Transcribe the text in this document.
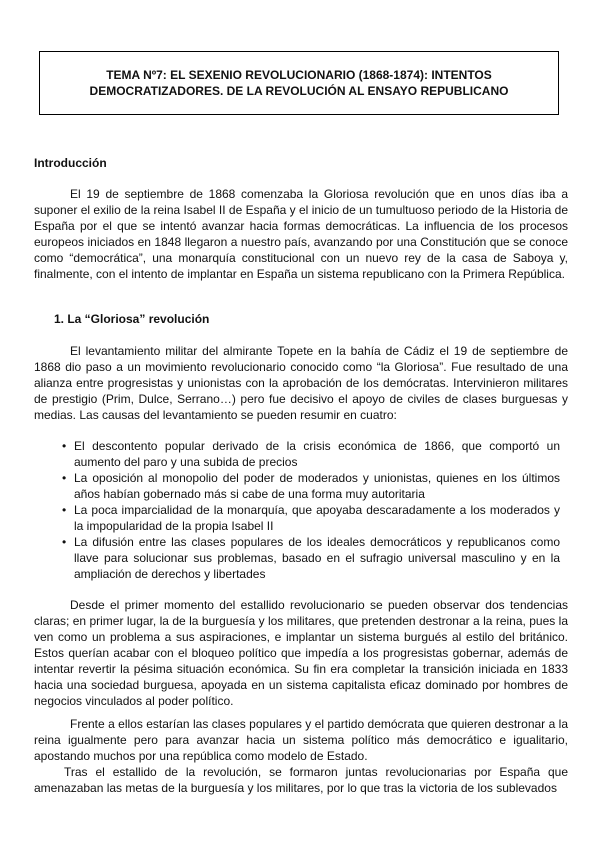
TEMA Nº7: EL SEXENIO REVOLUCIONARIO (1868-1874): INTENTOS DEMOCRATIZADORES. DE LA REVOLUCIÓN AL ENSAYO REPUBLICANO
Introducción
El 19 de septiembre de 1868 comenzaba la Gloriosa revolución que en unos días iba a suponer el exilio de la reina Isabel II de España y el inicio de un tumultuoso periodo de la Historia de España por el que se intentó avanzar hacia formas democráticas. La influencia de los procesos europeos iniciados en 1848 llegaron a nuestro país, avanzando por una Constitución que se conoce como “democrática”, una monarquía constitucional con un nuevo rey de la casa de Saboya y, finalmente, con el intento de implantar en España un sistema republicano con la Primera República.
1. La “Gloriosa” revolución
El levantamiento militar del almirante Topete en la bahía de Cádiz el 19 de septiembre de 1868 dio paso a un movimiento revolucionario conocido como “la Gloriosa”. Fue resultado de una alianza entre progresistas y unionistas con la aprobación de los demócratas. Intervinieron militares de prestigio (Prim, Dulce, Serrano…) pero fue decisivo el apoyo de civiles de clases burguesas y medias. Las causas del levantamiento se pueden resumir en cuatro:
• El descontento popular derivado de la crisis económica de 1866, que comportó un aumento del paro y una subida de precios
• La oposición al monopolio del poder de moderados y unionistas, quienes en los últimos años habían gobernado más si cabe de una forma muy autoritaria
• La poca imparcialidad de la monarquía, que apoyaba descaradamente a los moderados y la impopularidad de la propia Isabel II
• La difusión entre las clases populares de los ideales democráticos y republicanos como llave para solucionar sus problemas, basado en el sufragio universal masculino y en la ampliación de derechos y libertades
Desde el primer momento del estallido revolucionario se pueden observar dos tendencias claras; en primer lugar, la de la burguesía y los militares, que pretenden destronar a la reina, pues la ven como un problema a sus aspiraciones, e implantar un sistema burgués al estilo del británico. Estos querían acabar con el bloqueo político que impedía a los progresistas gobernar, además de intentar revertir la pésima situación económica. Su fin era completar la transición iniciada en 1833 hacia una sociedad burguesa, apoyada en un sistema capitalista eficaz dominado por hombres de negocios vinculados al poder político.
Frente a ellos estarían las clases populares y el partido demócrata que quieren destronar a la reina igualmente pero para avanzar hacia un sistema político más democrático e igualitario, apostando muchos por una república como modelo de Estado.
Tras el estallido de la revolución, se formaron juntas revolucionarias por España que amenazaban las metas de la burguesía y los militares, por lo que tras la victoria de los sublevados
